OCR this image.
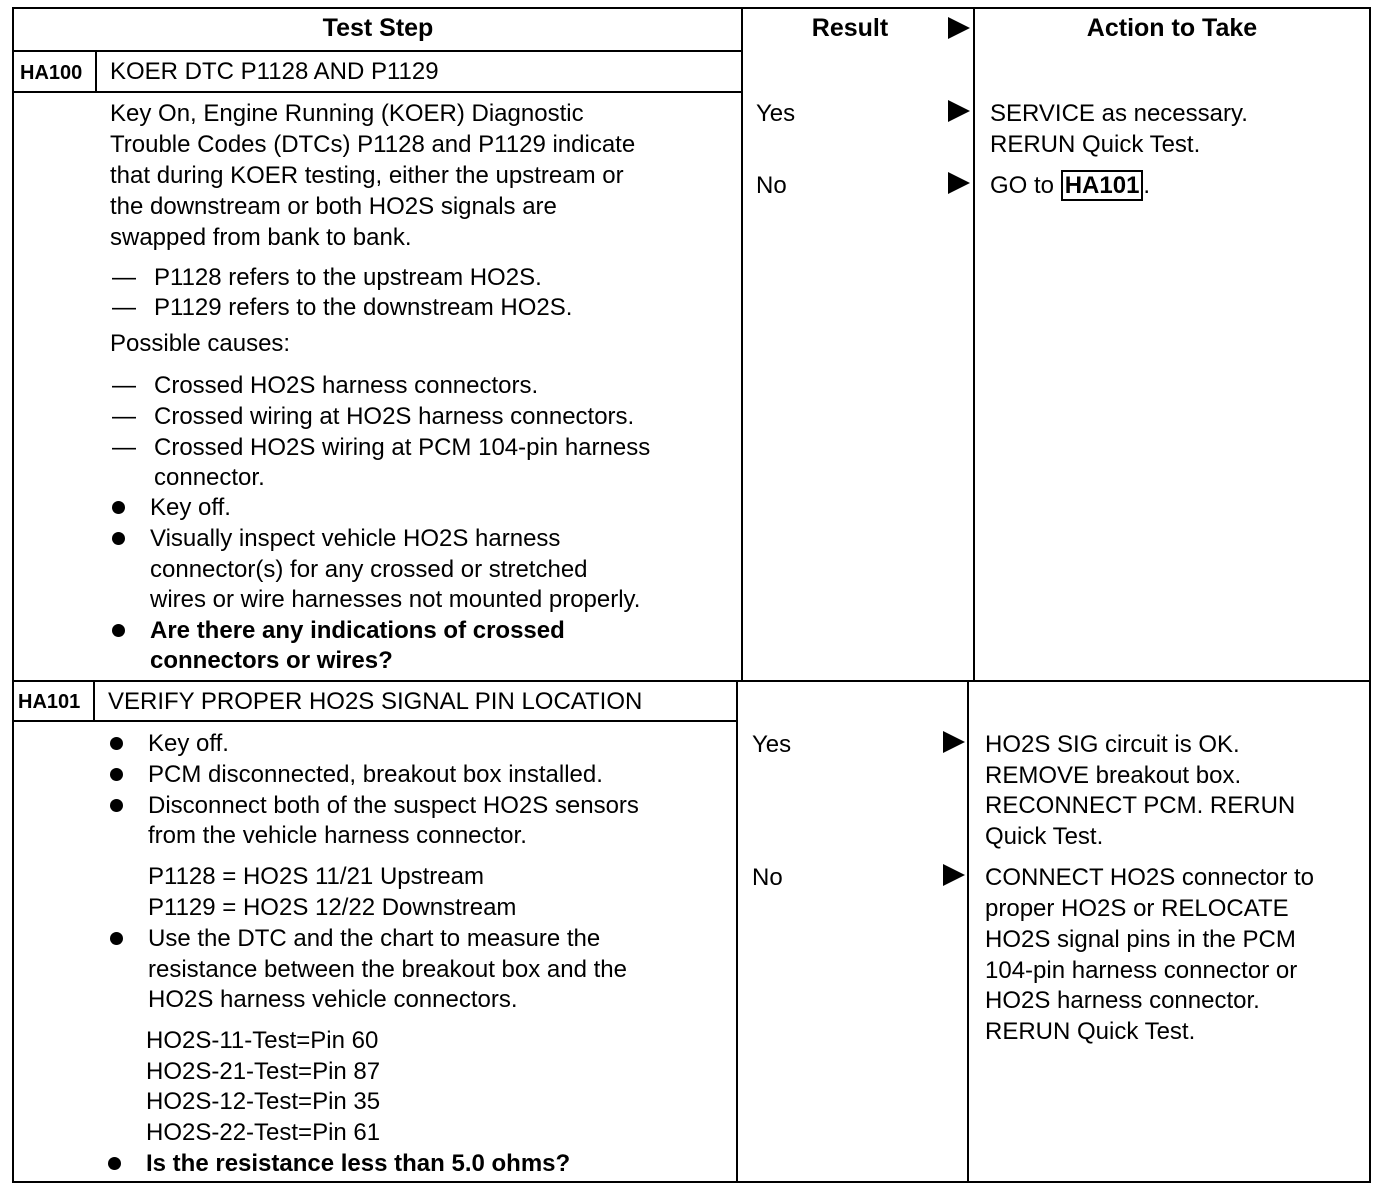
Test Step	Result	Action to Take
HA100 KOER DTC P1128 AND P1129
Key On, Engine Running (KOER) Diagnostic
Trouble Codes (DTCs) P1128 and P1129 indicate
that during KOER testing, either the upstream or
the downstream or both HO2S signals are
swapped from bank to bank.
— P1128 refers to the upstream HO2S.
— P1129 refers to the downstream HO2S.
Possible causes:
— Crossed HO2S harness connectors.
— Crossed wiring at HO2S harness connectors.
— Crossed HO2S wiring at PCM 104-pin harness
connector.
Key off.
Visually inspect vehicle HO2S harness
connector(s) for any crossed or stretched
wires or wire harnesses not mounted properly.
Are there any indications of crossed
connectors or wires?
Yes
No
SERVICE as necessary.
RERUN Quick Test.
GO to HA101 .
HA101 VERIFY PROPER HO2S SIGNAL PIN LOCATION
Key off.
PCM disconnected, breakout box installed.
Disconnect both of the suspect HO2S sensors
from the vehicle harness connector.
P1128 = HO2S 11/21 Upstream
P1129 = HO2S 12/22 Downstream
Use the DTC and the chart to measure the
resistance between the breakout box and the
HO2S harness vehicle connectors.
HO2S-11-Test=Pin 60
HO2S-21-Test=Pin 87
HO2S-12-Test=Pin 35
HO2S-22-Test=Pin 61
Is the resistance less than 5.0 ohms?
Yes
No
HO2S SIG circuit is OK.
REMOVE breakout box.
RECONNECT PCM. RERUN
Quick Test.
CONNECT HO2S connector to
proper HO2S or RELOCATE
HO2S signal pins in the PCM
104-pin harness connector or
HO2S harness connector.
RERUN Quick Test.
